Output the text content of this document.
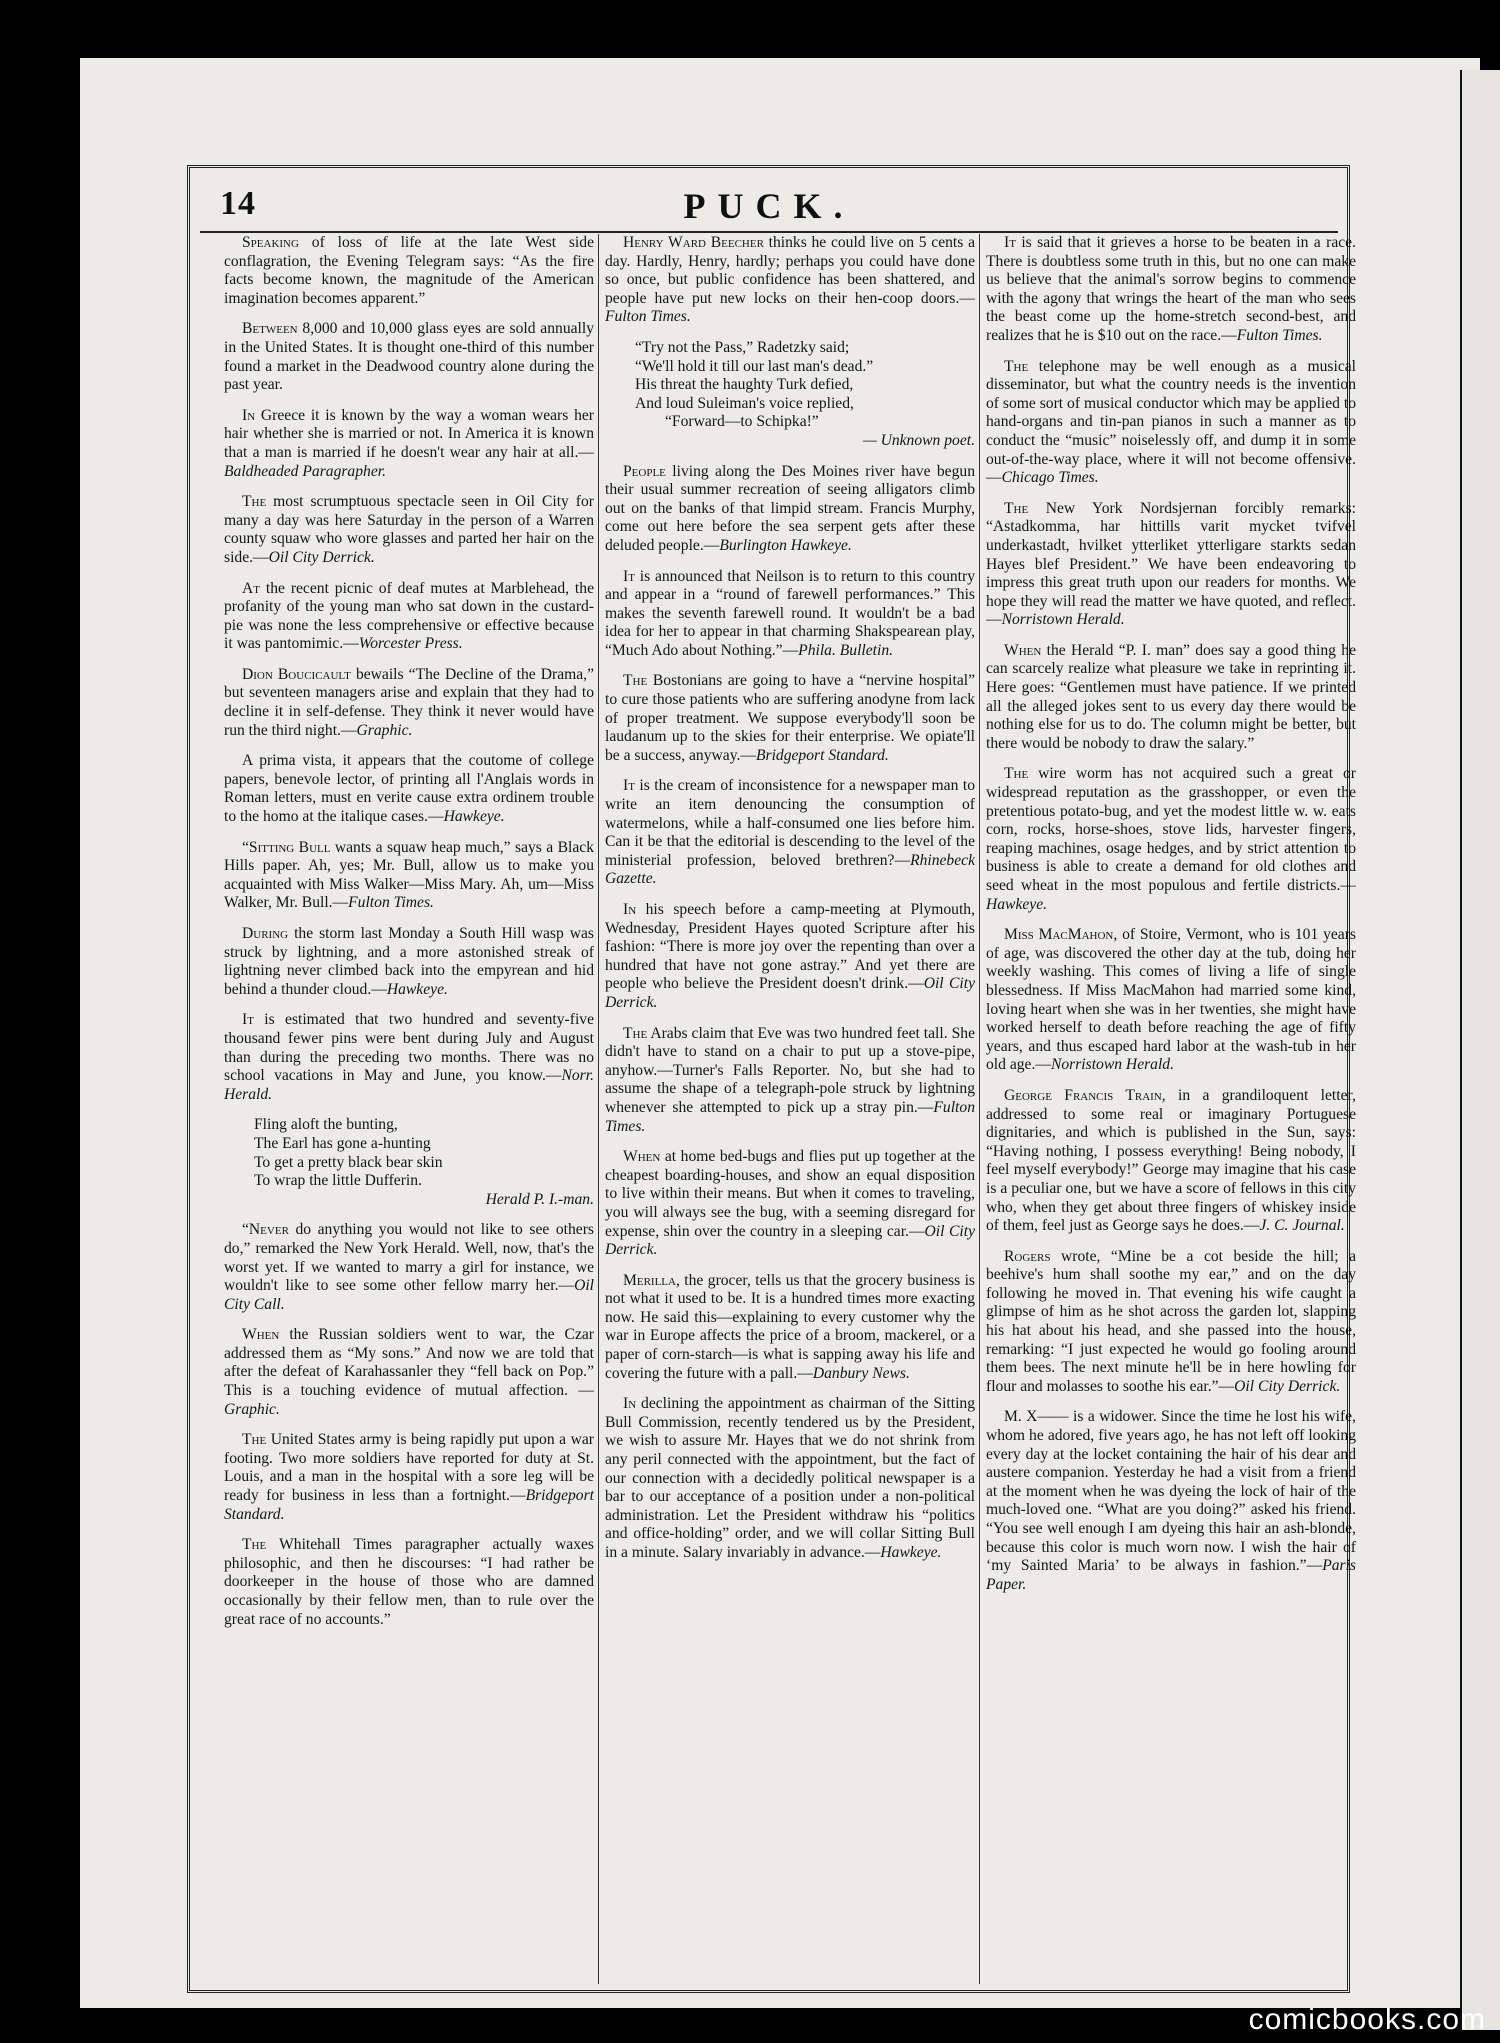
14	PUCK.

Speaking of loss of life at the late West side conflagration, the Evening Telegram says: “As the fire facts become known, the magnitude of the American imagination becomes apparent.”

Between 8,000 and 10,000 glass eyes are sold annually in the United States. It is thought one-third of this number found a market in the Deadwood country alone during the past year.

In Greece it is known by the way a woman wears her hair whether she is married or not. In America it is known that a man is married if he doesn't wear any hair at all.—Baldheaded Paragrapher.

The most scrumptuous spectacle seen in Oil City for many a day was here Saturday in the person of a Warren county squaw who wore glasses and parted her hair on the side.—Oil City Derrick.

At the recent picnic of deaf mutes at Marblehead, the profanity of the young man who sat down in the custard-pie was none the less comprehensive or effective because it was pantomimic.—Worcester Press.

Dion Boucicault bewails “The Decline of the Drama,” but seventeen managers arise and explain that they had to decline it in self-defense. They think it never would have run the third night.—Graphic.

A prima vista, it appears that the coutome of college papers, benevole lector, of printing all l'Anglais words in Roman letters, must en verite cause extra ordinem trouble to the homo at the italique cases.—Hawkeye.

“Sitting Bull wants a squaw heap much,” says a Black Hills paper. Ah, yes; Mr. Bull, allow us to make you acquainted with Miss Walker—Miss Mary. Ah, um—Miss Walker, Mr. Bull.—Fulton Times.

During the storm last Monday a South Hill wasp was struck by lightning, and a more astonished streak of lightning never climbed back into the empyrean and hid behind a thunder cloud.—Hawkeye.

It is estimated that two hundred and seventy-five thousand fewer pins were bent during July and August than during the preceding two months. There was no school vacations in May and June, you know.—Norr. Herald.

Fling aloft the bunting,
The Earl has gone a-hunting
To get a pretty black bear skin
To wrap the little Dufferin.
Herald P. I.-man.

“Never do anything you would not like to see others do,” remarked the New York Herald. Well, now, that's the worst yet. If we wanted to marry a girl for instance, we wouldn't like to see some other fellow marry her.—Oil City Call.

When the Russian soldiers went to war, the Czar addressed them as “My sons.” And now we are told that after the defeat of Karahassanler they “fell back on Pop.” This is a touching evidence of mutual affection. —Graphic.

The United States army is being rapidly put upon a war footing. Two more soldiers have reported for duty at St. Louis, and a man in the hospital with a sore leg will be ready for business in less than a fortnight.—Bridgeport Standard.

The Whitehall Times paragrapher actually waxes philosophic, and then he discourses: “I had rather be doorkeeper in the house of those who are damned occasionally by their fellow men, than to rule over the great race of no accounts.”

Henry Ward Beecher thinks he could live on 5 cents a day. Hardly, Henry, hardly; perhaps you could have done so once, but public confidence has been shattered, and people have put new locks on their hen-coop doors.—Fulton Times.

“Try not the Pass,” Radetzky said;
“We'll hold it till our last man's dead.”
His threat the haughty Turk defied,
And loud Suleiman's voice replied,
“Forward—to Schipka!”
— Unknown poet.

People living along the Des Moines river have begun their usual summer recreation of seeing alligators climb out on the banks of that limpid stream. Francis Murphy, come out here before the sea serpent gets after these deluded people.—Burlington Hawkeye.

It is announced that Neilson is to return to this country and appear in a “round of farewell performances.” This makes the seventh farewell round. It wouldn't be a bad idea for her to appear in that charming Shakspearean play, “Much Ado about Nothing.”—Phila. Bulletin.

The Bostonians are going to have a “nervine hospital” to cure those patients who are suffering anodyne from lack of proper treatment. We suppose everybody'll soon be laudanum up to the skies for their enterprise. We opiate'll be a success, anyway.—Bridgeport Standard.

It is the cream of inconsistence for a newspaper man to write an item denouncing the consumption of watermelons, while a half-consumed one lies before him. Can it be that the editorial is descending to the level of the ministerial profession, beloved brethren?—Rhinebeck Gazette.

In his speech before a camp-meeting at Plymouth, Wednesday, President Hayes quoted Scripture after his fashion: “There is more joy over the repenting than over a hundred that have not gone astray.” And yet there are people who believe the President doesn't drink.—Oil City Derrick.

The Arabs claim that Eve was two hundred feet tall. She didn't have to stand on a chair to put up a stove-pipe, anyhow.—Turner's Falls Reporter. No, but she had to assume the shape of a telegraph-pole struck by lightning whenever she attempted to pick up a stray pin.—Fulton Times.

When at home bed-bugs and flies put up together at the cheapest boarding-houses, and show an equal disposition to live within their means. But when it comes to traveling, you will always see the bug, with a seeming disregard for expense, shin over the country in a sleeping car.—Oil City Derrick.

Merilla, the grocer, tells us that the grocery business is not what it used to be. It is a hundred times more exacting now. He said this—explaining to every customer why the war in Europe affects the price of a broom, mackerel, or a paper of corn-starch—is what is sapping away his life and covering the future with a pall.—Danbury News.

In declining the appointment as chairman of the Sitting Bull Commission, recently tendered us by the President, we wish to assure Mr. Hayes that we do not shrink from any peril connected with the appointment, but the fact of our connection with a decidedly political newspaper is a bar to our acceptance of a position under a non-political administration. Let the President withdraw his “politics and office-holding” order, and we will collar Sitting Bull in a minute. Salary invariably in advance.—Hawkeye.

It is said that it grieves a horse to be beaten in a race. There is doubtless some truth in this, but no one can make us believe that the animal's sorrow begins to commence with the agony that wrings the heart of the man who sees the beast come up the home-stretch second-best, and realizes that he is $10 out on the race.—Fulton Times.

The telephone may be well enough as a musical disseminator, but what the country needs is the invention of some sort of musical conductor which may be applied to hand-organs and tin-pan pianos in such a manner as to conduct the “music” noiselessly off, and dump it in some out-of-the-way place, where it will not become offensive.—Chicago Times.

The New York Nordsjernan forcibly remarks: “Astadkomma, har hittills varit mycket tvifvel underkastadt, hvilket ytterliket ytterligare starkts sedan Hayes blef President.” We have been endeavoring to impress this great truth upon our readers for months. We hope they will read the matter we have quoted, and reflect.—Norristown Herald.

When the Herald “P. I. man” does say a good thing he can scarcely realize what pleasure we take in reprinting it. Here goes: “Gentlemen must have patience. If we printed all the alleged jokes sent to us every day there would be nothing else for us to do. The column might be better, but there would be nobody to draw the salary.”

The wire worm has not acquired such a great or widespread reputation as the grasshopper, or even the pretentious potato-bug, and yet the modest little w. w. eats corn, rocks, horse-shoes, stove lids, harvester fingers, reaping machines, osage hedges, and by strict attention to business is able to create a demand for old clothes and seed wheat in the most populous and fertile districts.—Hawkeye.

Miss MacMahon, of Stoire, Vermont, who is 101 years of age, was discovered the other day at the tub, doing her weekly washing. This comes of living a life of single blessedness. If Miss MacMahon had married some kind, loving heart when she was in her twenties, she might have worked herself to death before reaching the age of fifty years, and thus escaped hard labor at the wash-tub in her old age.—Norristown Herald.

George Francis Train, in a grandiloquent letter, addressed to some real or imaginary Portuguese dignitaries, and which is published in the Sun, says: “Having nothing, I possess everything! Being nobody, I feel myself everybody!” George may imagine that his case is a peculiar one, but we have a score of fellows in this city who, when they get about three fingers of whiskey inside of them, feel just as George says he does.—J. C. Journal.

Rogers wrote, “Mine be a cot beside the hill; a beehive's hum shall soothe my ear,” and on the day following he moved in. That evening his wife caught a glimpse of him as he shot across the garden lot, slapping his hat about his head, and she passed into the house, remarking: “I just expected he would go fooling around them bees. The next minute he'll be in here howling for flour and molasses to soothe his ear.”—Oil City Derrick.

M. X—— is a widower. Since the time he lost his wife, whom he adored, five years ago, he has not left off looking every day at the locket containing the hair of his dear and austere companion. Yesterday he had a visit from a friend at the moment when he was dyeing the lock of hair of the much-loved one. “What are you doing?” asked his friend. “You see well enough I am dyeing this hair an ash-blonde, because this color is much worn now. I wish the hair of ‘my Sainted Maria’ to be always in fashion.”—Paris Paper.

comicbooks.com
